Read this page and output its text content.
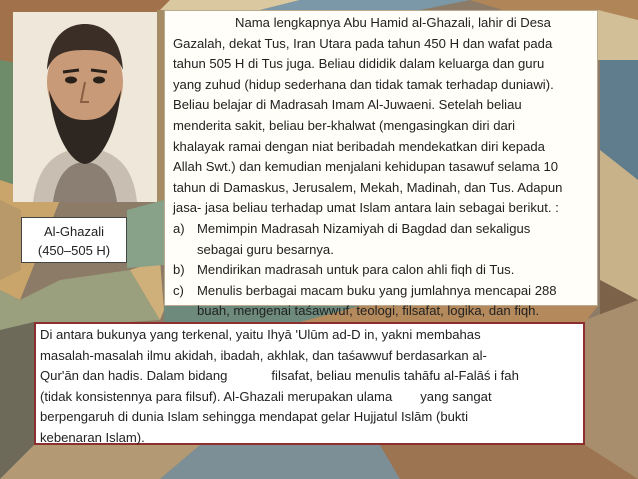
Al-Ghazali
(450–505 H)

Nama lengkapnya Abu Hamid al-Ghazali, lahir di Desa

Gazalah, dekat Tus, Iran Utara pada tahun 450 H dan wafat pada

tahun 505 H di Tus juga. Beliau dididik dalam keluarga dan guru

yang zuhud (hidup sederhana dan tidak tamak terhadap duniawi).

Beliau belajar di Madrasah Imam Al-Juwaeni. Setelah beliau

menderita sakit, beliau ber-khalwat (mengasingkan diri dari

khalayak ramai dengan niat beribadah mendekatkan diri kepada

Allah Swt.) dan kemudian menjalani kehidupan tasawuf selama 10

tahun di Damaskus, Jerusalem, Mekah, Madinah, dan Tus. Adapun

jasa- jasa beliau terhadap umat Islam antara lain sebagai berikut. :

a) Memimpin Madrasah Nizamiyah di Bagdad dan sekaligus
sebagai guru besarnya.
b) Mendirikan madrasah untuk para calon ahli fiqh di Tus.
c) Menulis berbagai macam buku yang jumlahnya mencapai 288
buah, mengenai taśawwuf, teologi, filsafat, logika, dan fiqh.
Di antara bukunya yang terkenal, yaitu Ihyā 'Ulūm ad-D in, yakni membahas
masalah-masalah ilmu akidah, ibadah, akhlak, dan taśawwuf berdasarkan al-
Qur'ān dan hadis. Dalam bidang	filsafat, beliau menulis tahāfu al-Falāś i fah
(tidak konsistennya para filsuf). Al-Ghazali merupakan ulama yang sangat
berpengaruh di dunia Islam sehingga mendapat gelar Hujjatul Islām (bukti
kebenaran Islam).
